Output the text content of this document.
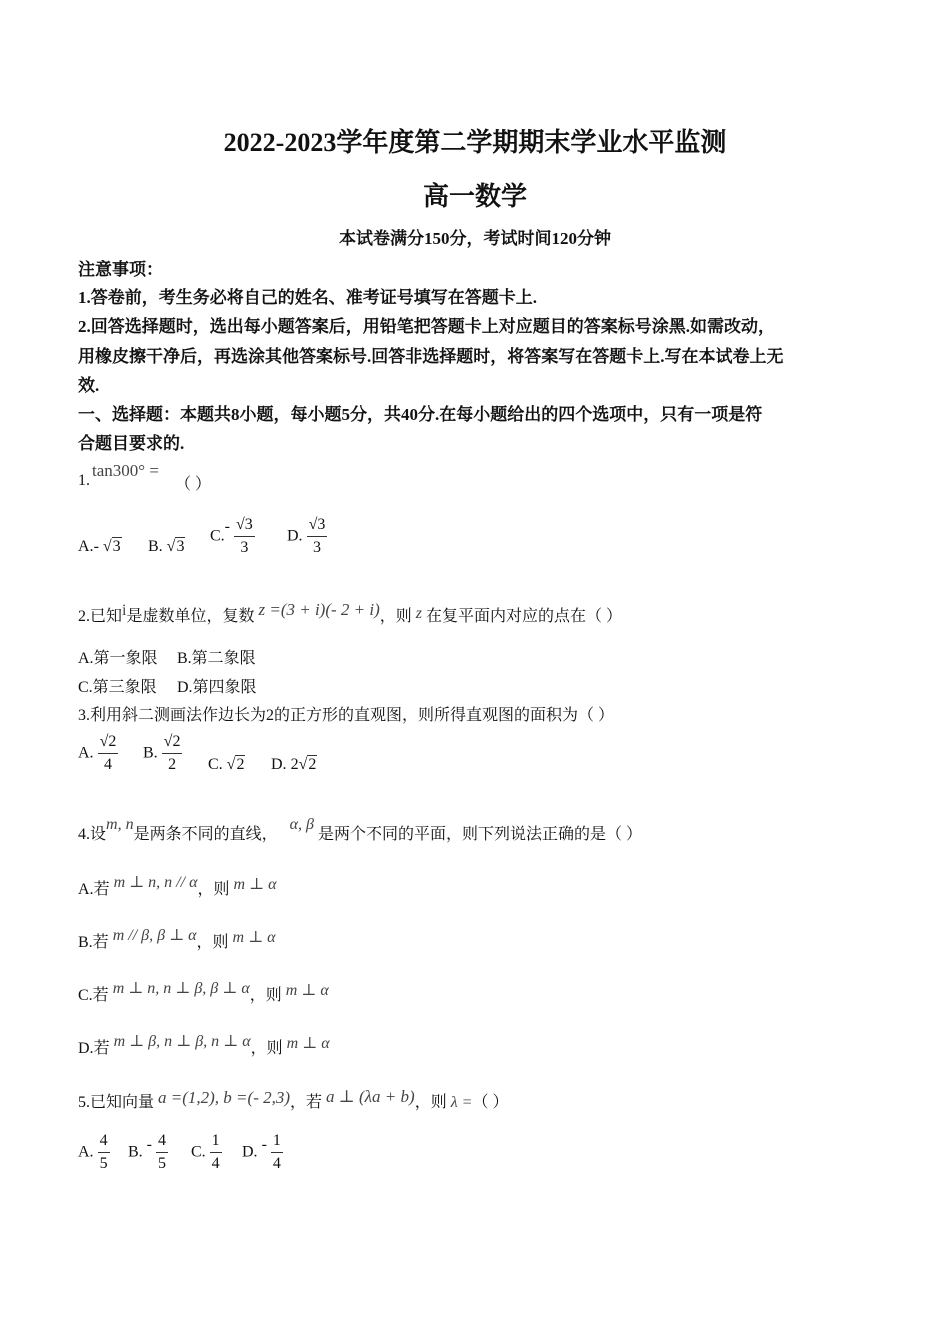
2022-2023学年度第二学期期末学业水平监测
高一数学
本试卷满分150分，考试时间120分钟
注意事项：
1.答卷前，考生务必将自己的姓名、准考证号填写在答题卡上.
2.回答选择题时，选出每小题答案后，用铅笔把答题卡上对应题目的答案标号涂黑.如需改动，
用橡皮擦干净后，再选涂其他答案标号.回答非选择题时，将答案写在答题卡上.写在本试卷上无
效.
一、选择题：本题共8小题，每小题5分，共40分.在每小题给出的四个选项中，只有一项是符
合题目要求的.
1.
tan300° =
（ ）
A.- √3 B. √3
$C.- \frac{√3}{3} D$. $\frac{√3}{3}$
2.已知i是虚数单位，复数 z =(3 + i)(- 2 + i)，则 z 在复平面内对应的点在（ ）
A.第一象限 B.第二象限
C.第三象限 D.第四象限
3.利用斜二测画法作边长为2的正方形的直观图，则所得直观图的面积为（ ）
A. $\frac{√2}{4} B$. $\frac{√2}{2} C$. √2 D. 2√2
4.设m, n是两条不同的直线， α, β 是两个不同的平面，则下列说法正确的是（ ）
A.若 m ⊥ n, n // α，则 m ⊥ α
B.若 m // β, β ⊥ α，则 m ⊥ α
C.若 m ⊥ n, n ⊥ β, β ⊥ α，则 m ⊥ α
D.若 m ⊥ β, n ⊥ β, n ⊥ α，则 m ⊥ α
5.已知向量 a =(1,2), b =(- 2,3)，若 a ⊥ (λa + b)，则 λ =（ ）
A. $\frac{4}{5} B$. - $\frac{4}{5} C$. $\frac{1}{4} D$. - $\frac{1}{4}$
